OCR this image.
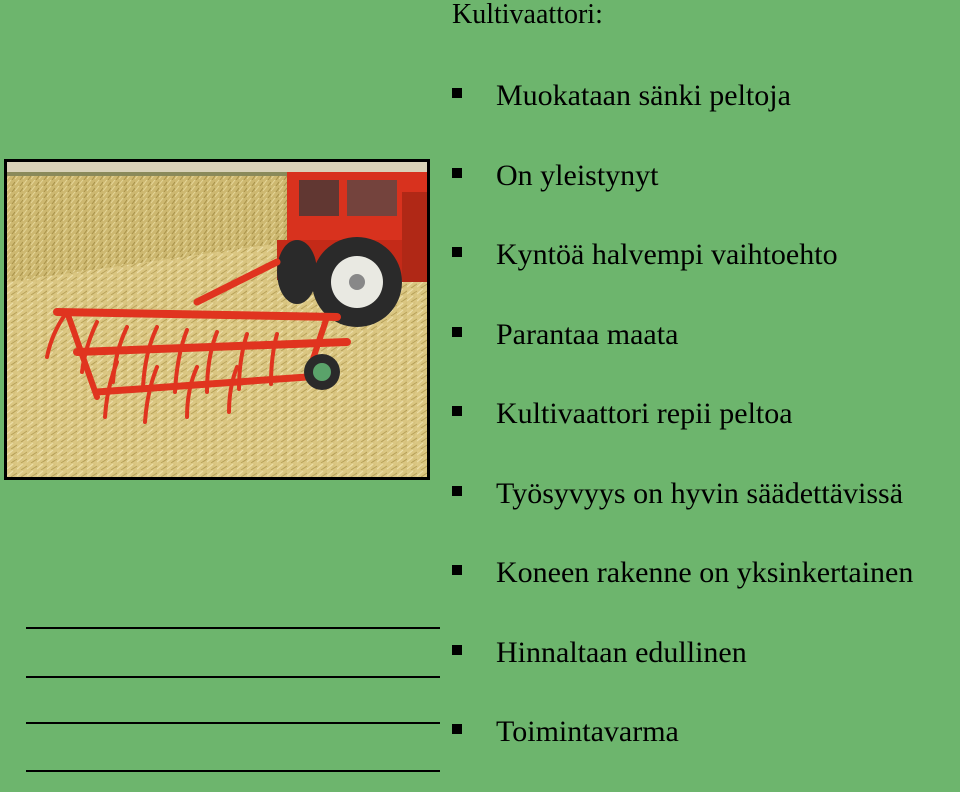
Kultivaattori:
Muokataan sänki peltoja
On yleistynyt
Kyntöä halvempi vaihtoehto
Parantaa maata
Kultivaattori repii peltoa
Työsyvyys on hyvin säädettävissä
Koneen rakenne on yksinkertainen
Hinnaltaan edullinen
Toimintavarma
